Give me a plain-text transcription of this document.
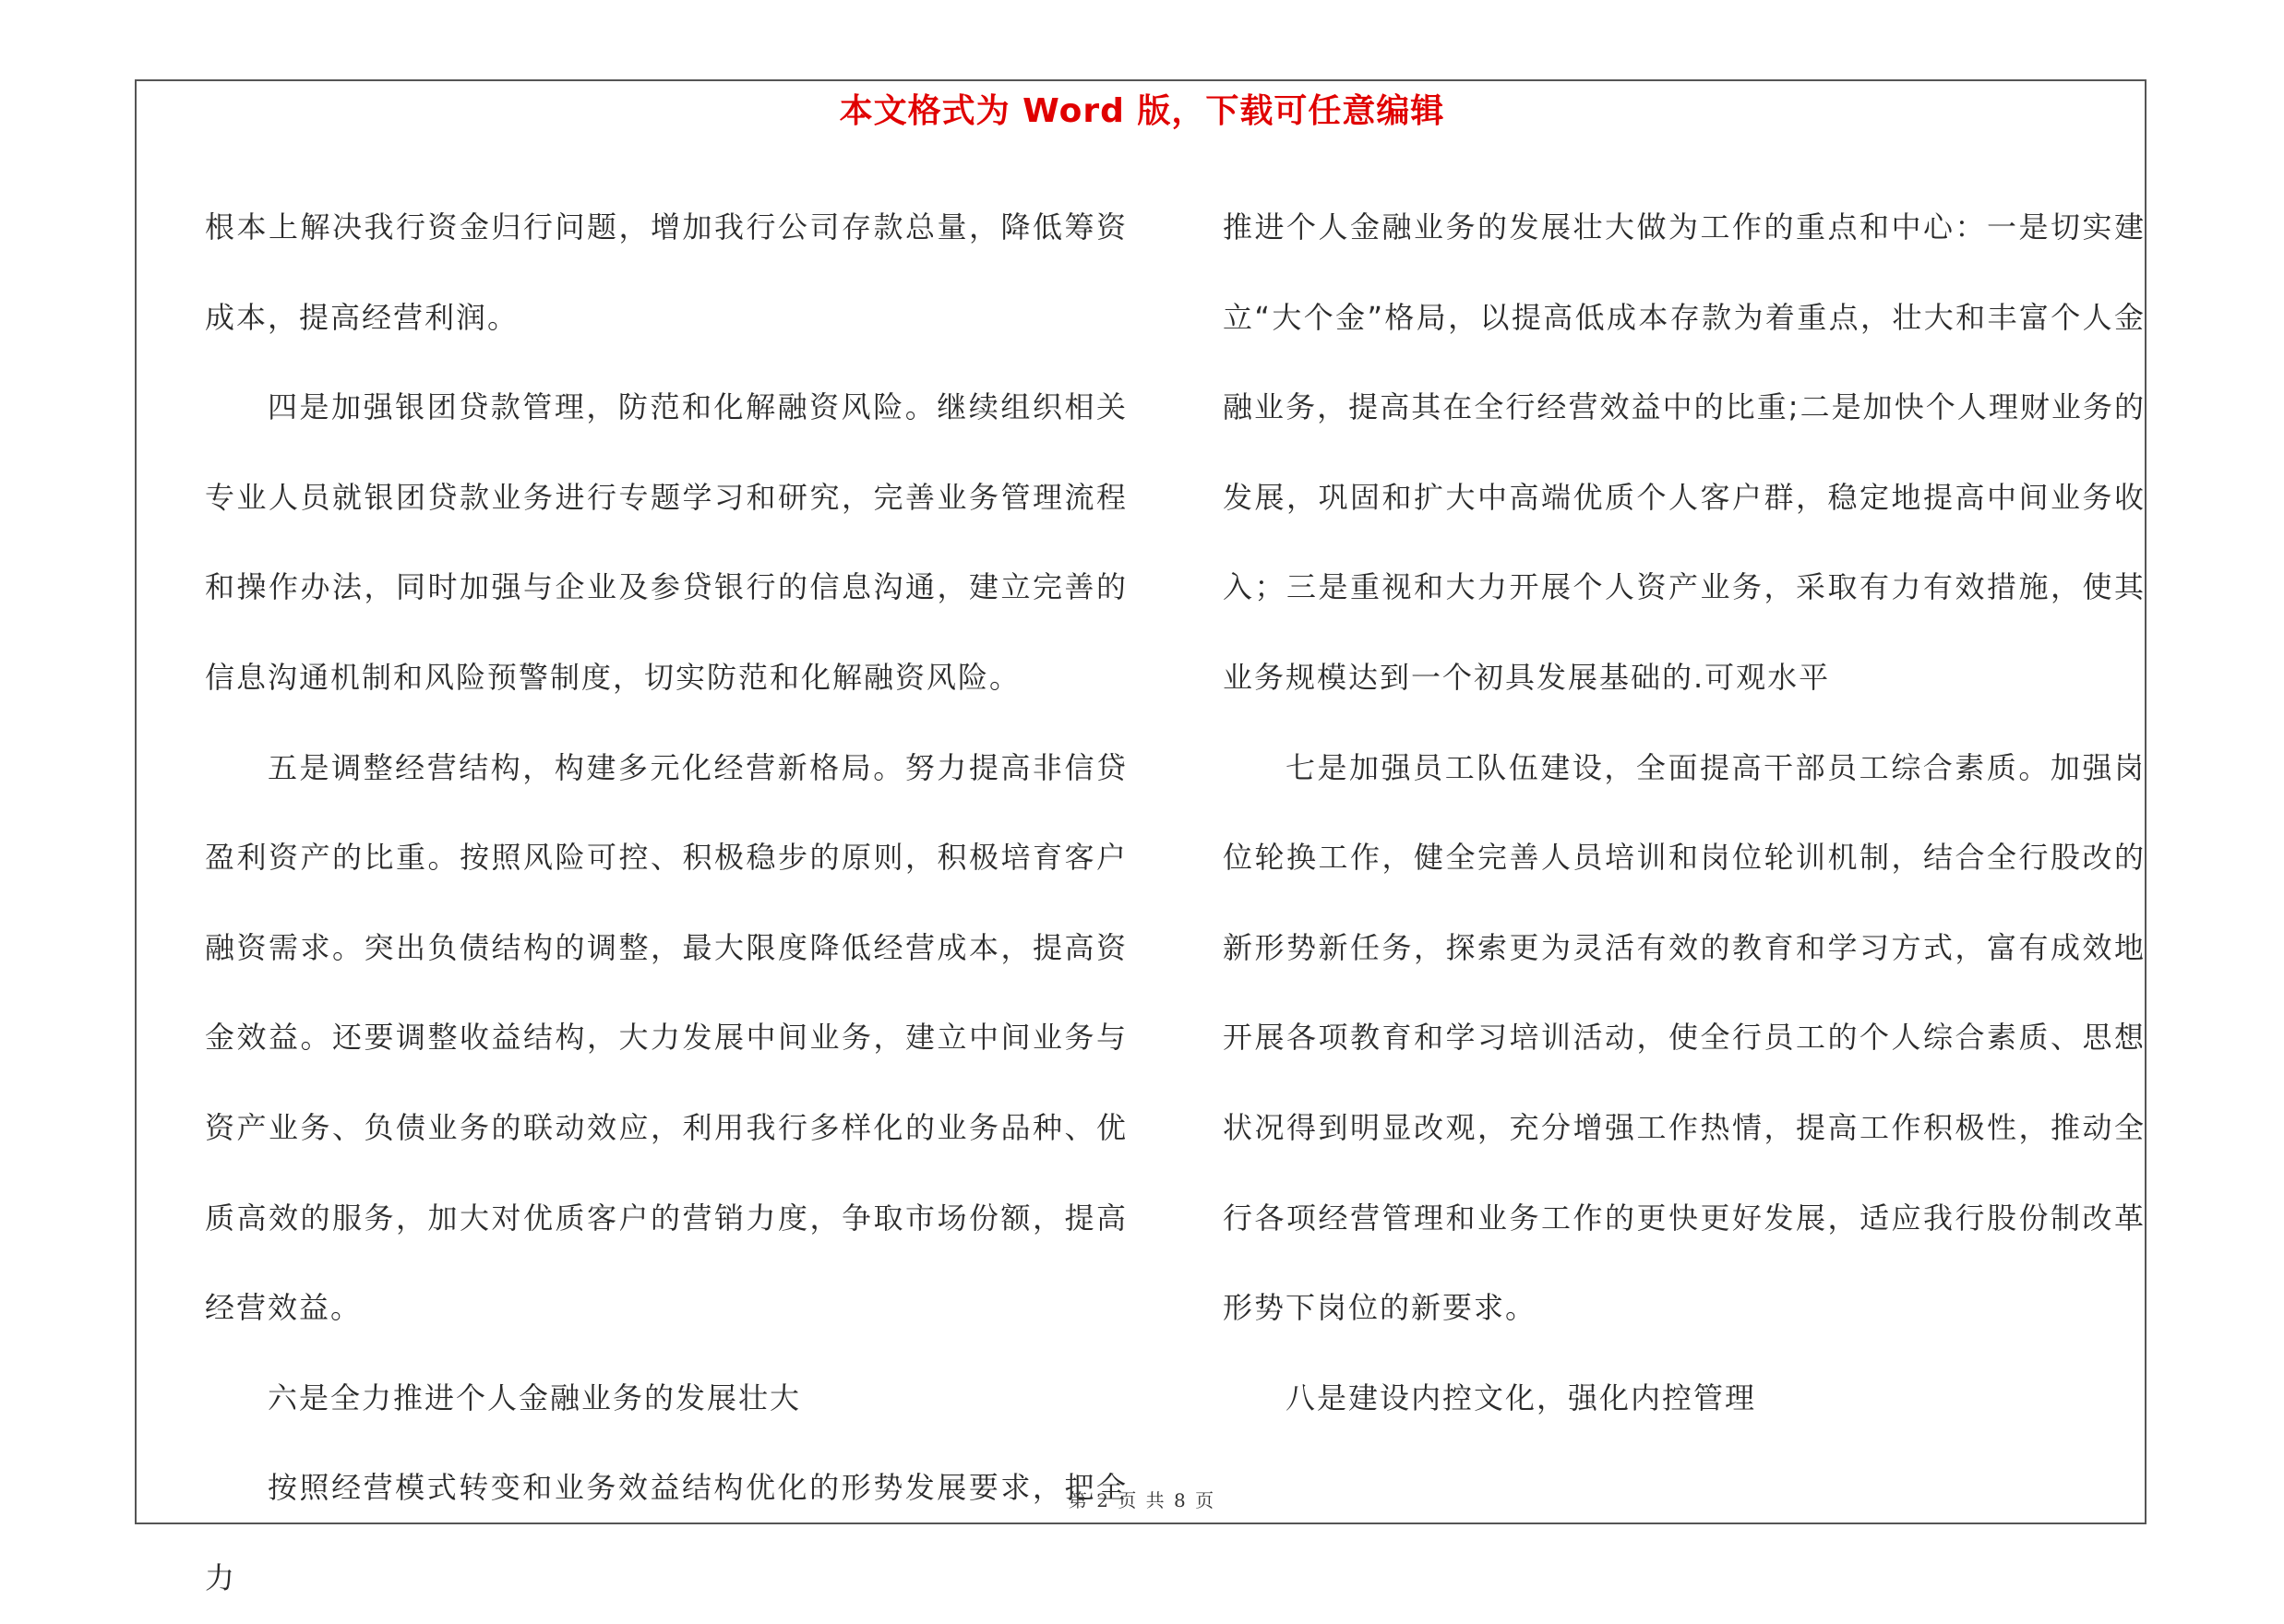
本文格式为 Word 版，下载可任意编辑

根本上解决我行资金归行问题，增加我行公司存款总量，降低筹资成本，提高经营利润。

四是加强银团贷款管理，防范和化解融资风险。继续组织相关专业人员就银团贷款业务进行专题学习和研究，完善业务管理流程和操作办法，同时加强与企业及参贷银行的信息沟通，建立完善的信息沟通机制和风险预警制度，切实防范和化解融资风险。

五是调整经营结构，构建多元化经营新格局。努力提高非信贷盈利资产的比重。按照风险可控、积极稳步的原则，积极培育客户融资需求。突出负债结构的调整，最大限度降低经营成本，提高资金效益。还要调整收益结构，大力发展中间业务，建立中间业务与资产业务、负债业务的联动效应，利用我行多样化的业务品种、优质高效的服务，加大对优质客户的营销力度，争取市场份额，提高经营效益。

六是全力推进个人金融业务的发展壮大

按照经营模式转变和业务效益结构优化的形势发展要求，把全力

推进个人金融业务的发展壮大做为工作的重点和中心：一是切实建立“大个金”格局，以提高低成本存款为着重点，壮大和丰富个人金融业务，提高其在全行经营效益中的比重;二是加快个人理财业务的发展，巩固和扩大中高端优质个人客户群，稳定地提高中间业务收入；三是重视和大力开展个人资产业务，采取有力有效措施，使其业务规模达到一个初具发展基础的.可观水平

七是加强员工队伍建设，全面提高干部员工综合素质。加强岗位轮换工作，健全完善人员培训和岗位轮训机制，结合全行股改的新形势新任务，探索更为灵活有效的教育和学习方式，富有成效地开展各项教育和学习培训活动，使全行员工的个人综合素质、思想状况得到明显改观，充分增强工作热情，提高工作积极性，推动全行各项经营管理和业务工作的更快更好发展，适应我行股份制改革形势下岗位的新要求。

八是建设内控文化，强化内控管理

第 2 页 共 8 页
